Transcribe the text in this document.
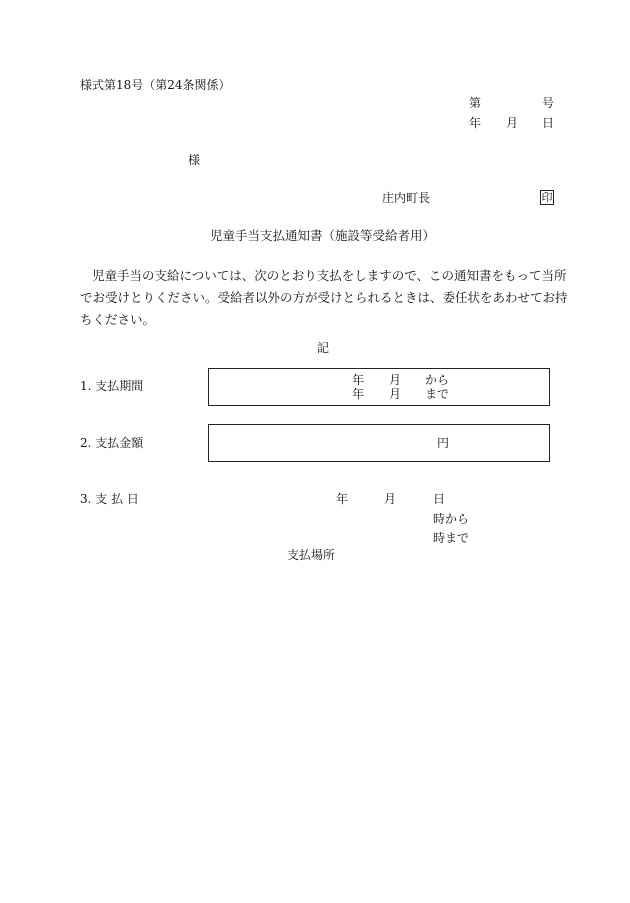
様式第18号（第24条関係）
第	号
年 月 日
様
庄内町長	印
児童手当支払通知書（施設等受給者用）
児童手当の支給については、次のとおり支払をしますので、この通知書をもって当所でお受けとりください。受給者以外の方が受けとられるときは、委任状をあわせてお持ちください。
記
1. 支払期間	年 月 から
年 月 まで
2. 支払金額	円
3. 支 払 日	年	月	日
時から
時まで
支払場所
